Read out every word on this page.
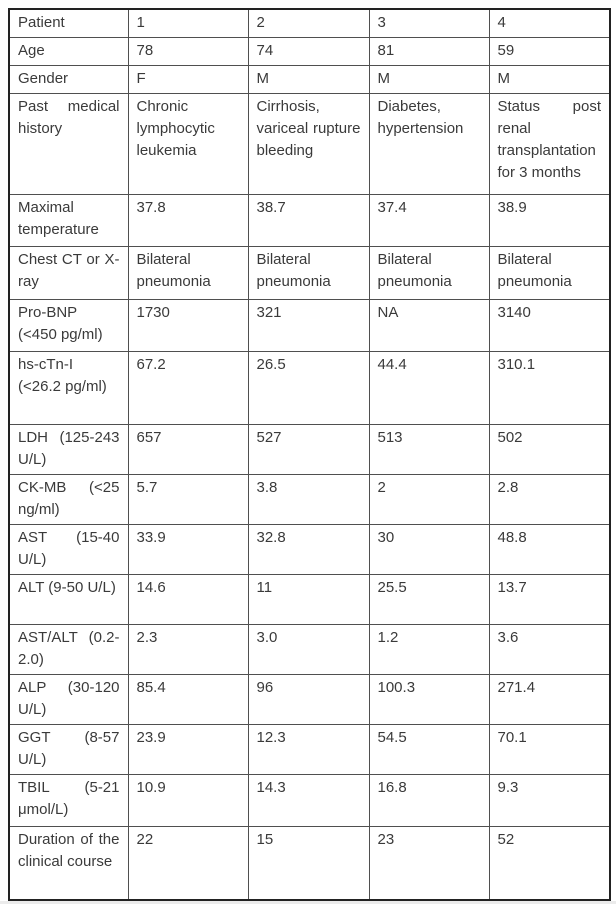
Patient	1	2	3	4
Age	78	74	81	59
Gender	F	M	M	M
Past medical history	Chronic lymphocytic leukemia	Cirrhosis, variceal rupture bleeding	Diabetes, hypertension	Status post renal transplantation for 3 months
Maximal temperature	37.8	38.7	37.4	38.9
Chest CT or X-ray	Bilateral pneumonia	Bilateral pneumonia	Bilateral pneumonia	Bilateral pneumonia
Pro-BNP (<450 pg/ml)	1730	321	NA	3140
hs-cTn-I (<26.2 pg/ml)	67.2	26.5	44.4	310.1
LDH (125-243 U/L)	657	527	513	502
CK-MB (<25 ng/ml)	5.7	3.8	2	2.8
AST (15-40 U/L)	33.9	32.8	30	48.8
ALT (9-50 U/L)	14.6	11	25.5	13.7
AST/ALT (0.2-2.0)	2.3	3.0	1.2	3.6
ALP (30-120 U/L)	85.4	96	100.3	271.4
GGT (8-57 U/L)	23.9	12.3	54.5	70.1
TBIL (5-21 μmol/L)	10.9	14.3	16.8	9.3
Duration of the clinical course	22	15	23	52
